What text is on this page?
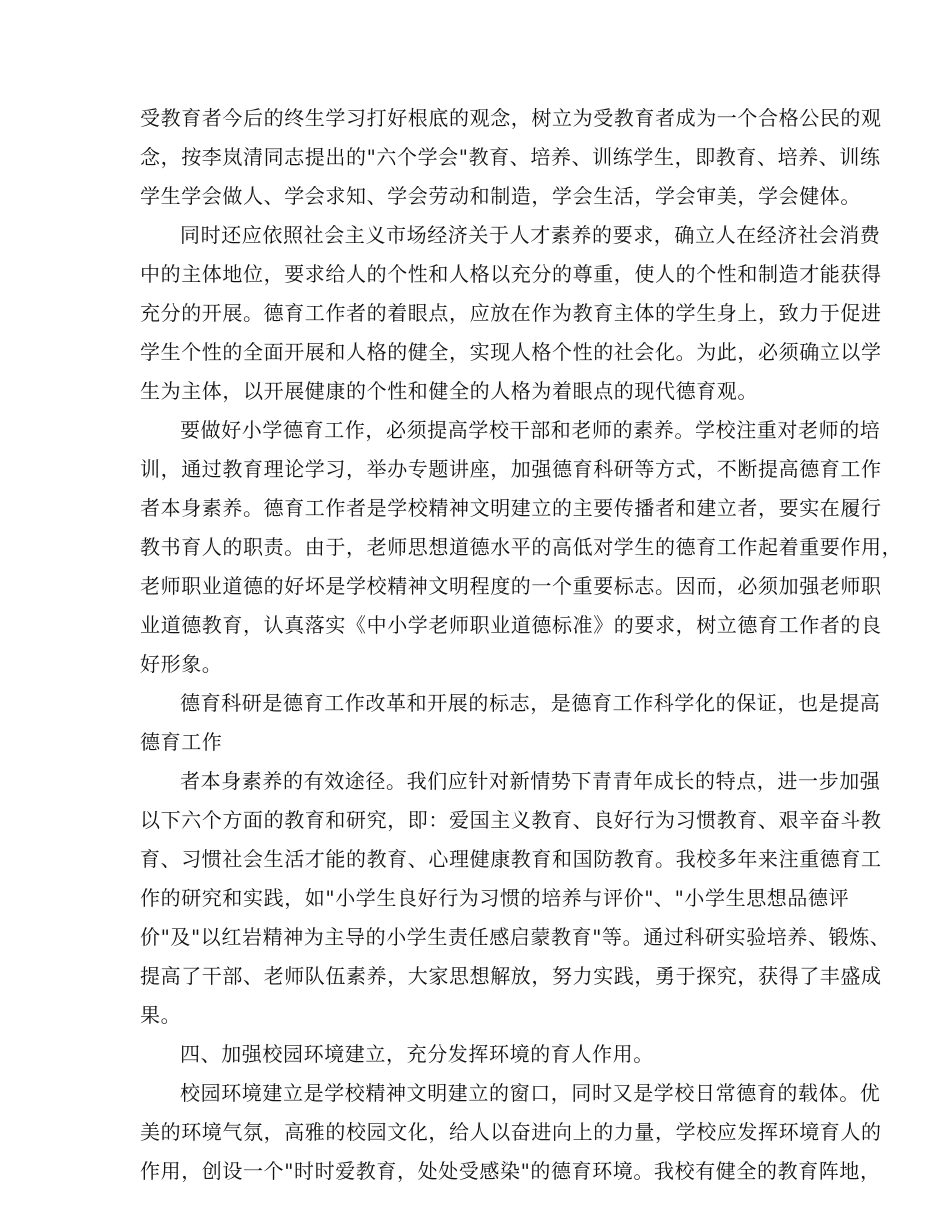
受教育者今后的终生学习打好根底的观念，树立为受教育者成为一个合格公民的观
念，按李岚清同志提出的"六个学会"教育、培养、训练学生，即教育、培养、训练
学生学会做人、学会求知、学会劳动和制造，学会生活，学会审美，学会健体。
同时还应依照社会主义市场经济关于人才素养的要求，确立人在经济社会消费
中的主体地位，要求给人的个性和人格以充分的尊重，使人的个性和制造才能获得
充分的开展。德育工作者的着眼点，应放在作为教育主体的学生身上，致力于促进
学生个性的全面开展和人格的健全，实现人格个性的社会化。为此，必须确立以学
生为主体，以开展健康的个性和健全的人格为着眼点的现代德育观。
要做好小学德育工作，必须提高学校干部和老师的素养。学校注重对老师的培
训，通过教育理论学习，举办专题讲座，加强德育科研等方式，不断提高德育工作
者本身素养。德育工作者是学校精神文明建立的主要传播者和建立者，要实在履行
教书育人的职责。由于，老师思想道德水平的高低对学生的德育工作起着重要作用，
老师职业道德的好坏是学校精神文明程度的一个重要标志。因而，必须加强老师职
业道德教育，认真落实《中小学老师职业道德标准》的要求，树立德育工作者的良
好形象。
德育科研是德育工作改革和开展的标志，是德育工作科学化的保证，也是提高
德育工作
者本身素养的有效途径。我们应针对新情势下青青年成长的特点，进一步加强
以下六个方面的教育和研究，即：爱国主义教育、良好行为习惯教育、艰辛奋斗教
育、习惯社会生活才能的教育、心理健康教育和国防教育。我校多年来注重德育工
作的研究和实践，如"小学生良好行为习惯的培养与评价"、"小学生思想品德评
价"及"以红岩精神为主导的小学生责任感启蒙教育"等。通过科研实验培养、锻炼、
提高了干部、老师队伍素养，大家思想解放，努力实践，勇于探究，获得了丰盛成
果。
四、加强校园环境建立，充分发挥环境的育人作用。
校园环境建立是学校精神文明建立的窗口，同时又是学校日常德育的载体。优
美的环境气氛，高雅的校园文化，给人以奋进向上的力量，学校应发挥环境育人的
作用，创设一个"时时爱教育，处处受感染"的德育环境。我校有健全的教育阵地，
